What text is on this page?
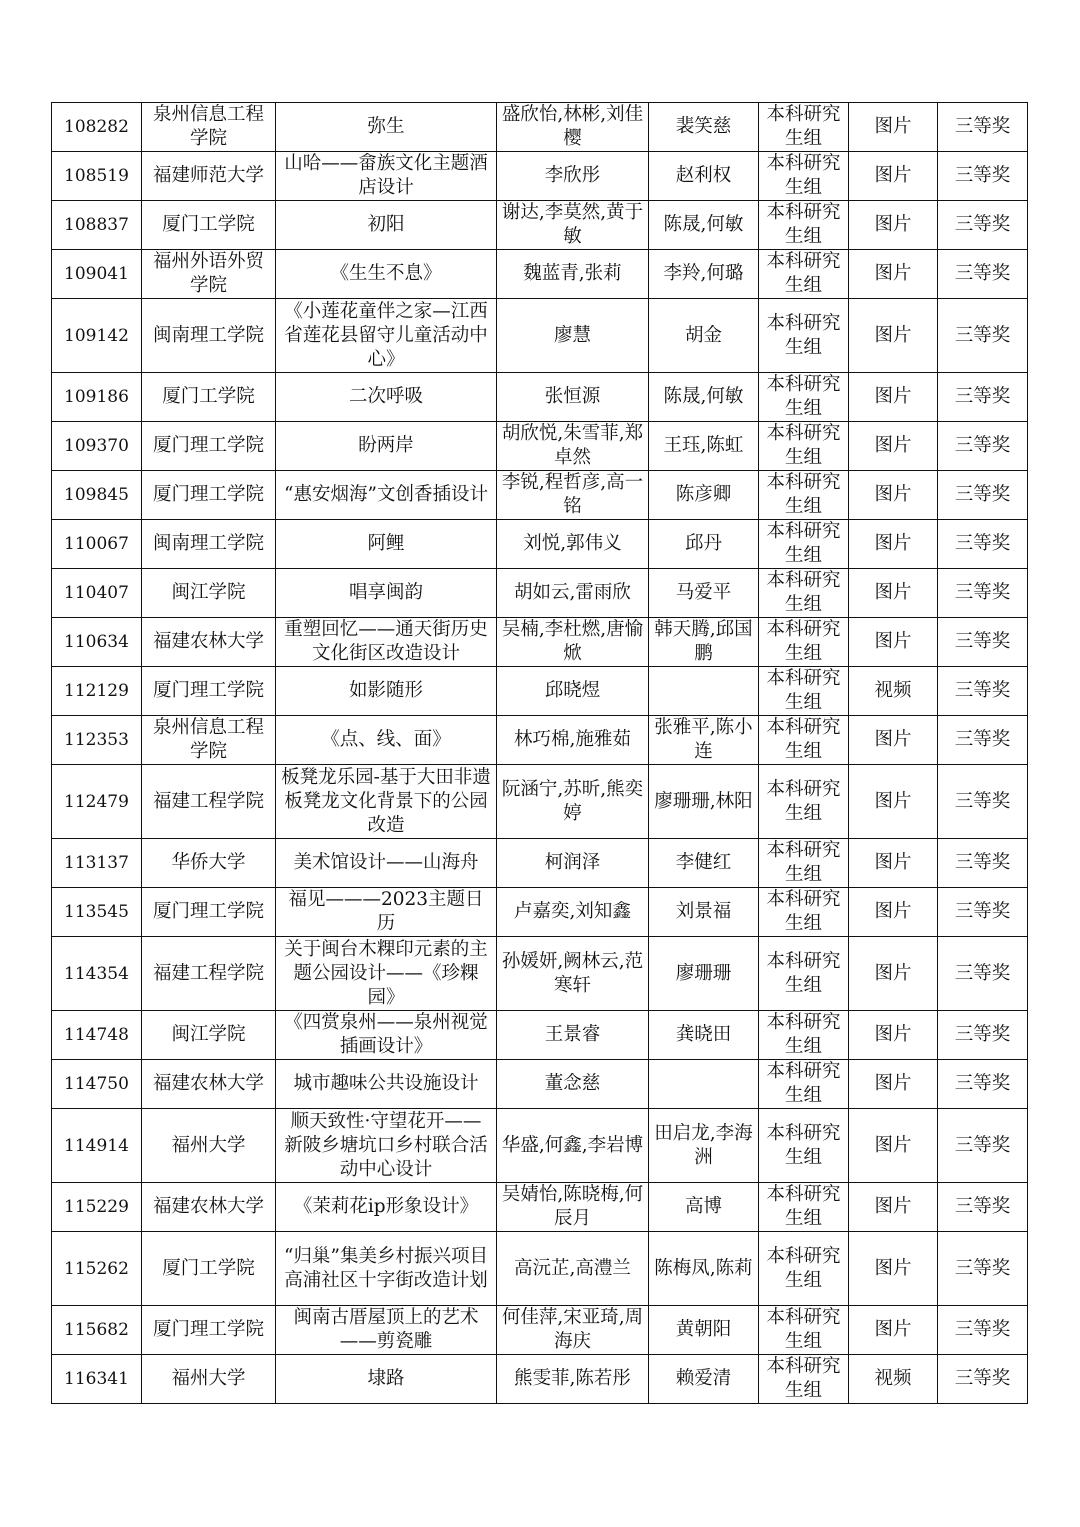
108282	泉州信息工程学院	弥生	盛欣怡,林彬,刘佳樱	裴笑慈	本科研究生组	图片	三等奖
108519	福建师范大学	山哈——畲族文化主题酒店设计	李欣彤	赵利权	本科研究生组	图片	三等奖
108837	厦门工学院	初阳	谢达,李莫然,黄于敏	陈晟,何敏	本科研究生组	图片	三等奖
109041	福州外语外贸学院	《生生不息》	魏蓝青,张莉	李羚,何璐	本科研究生组	图片	三等奖
109142	闽南理工学院	《小莲花童伴之家—江西省莲花县留守儿童活动中心》	廖慧	胡金	本科研究生组	图片	三等奖
109186	厦门工学院	二次呼吸	张恒源	陈晟,何敏	本科研究生组	图片	三等奖
109370	厦门理工学院	盼两岸	胡欣悦,朱雪菲,郑卓然	王珏,陈虹	本科研究生组	图片	三等奖
109845	厦门理工学院	“惠安烟海”文创香插设计	李锐,程哲彦,高一铭	陈彦卿	本科研究生组	图片	三等奖
110067	闽南理工学院	阿鲤	刘悦,郭伟义	邱丹	本科研究生组	图片	三等奖
110407	闽江学院	唱享闽韵	胡如云,雷雨欣	马爱平	本科研究生组	图片	三等奖
110634	福建农林大学	重塑回忆——通天街历史文化街区改造设计	吴楠,李杜燃,唐愉焮	韩天腾,邱国鹏	本科研究生组	图片	三等奖
112129	厦门理工学院	如影随形	邱晓煜		本科研究生组	视频	三等奖
112353	泉州信息工程学院	《点、线、面》	林巧棉,施雅茹	张雅平,陈小连	本科研究生组	图片	三等奖
112479	福建工程学院	板凳龙乐园-基于大田非遗板凳龙文化背景下的公园改造	阮涵宁,苏昕,熊奕婷	廖珊珊,林阳	本科研究生组	图片	三等奖
113137	华侨大学	美术馆设计——山海舟	柯润泽	李健红	本科研究生组	图片	三等奖
113545	厦门理工学院	福见———2023主题日历	卢嘉奕,刘知鑫	刘景福	本科研究生组	图片	三等奖
114354	福建工程学院	关于闽台木粿印元素的主题公园设计——《珍粿园》	孙媛妍,阙林云,范寒轩	廖珊珊	本科研究生组	图片	三等奖
114748	闽江学院	《四赏泉州——泉州视觉插画设计》	王景睿	龚晓田	本科研究生组	图片	三等奖
114750	福建农林大学	城市趣味公共设施设计	董念慈		本科研究生组	图片	三等奖
114914	福州大学	顺天致性·守望花开—— 新陂乡塘坑口乡村联合活动中心设计	华盛,何鑫,李岩博	田启龙,李海洲	本科研究生组	图片	三等奖
115229	福建农林大学	《茉莉花ip形象设计》	吴婧怡,陈晓梅,何辰月	高博	本科研究生组	图片	三等奖
115262	厦门工学院	“归巢”集美乡村振兴项目高浦社区十字街改造计划	高沅芷,高澧兰	陈梅凤,陈莉	本科研究生组	图片	三等奖
115682	厦门理工学院	闽南古厝屋顶上的艺术——剪瓷雕	何佳萍,宋亚琦,周海庆	黄朝阳	本科研究生组	图片	三等奖
116341	福州大学	埭路	熊雯菲,陈若彤	赖爱清	本科研究生组	视频	三等奖
